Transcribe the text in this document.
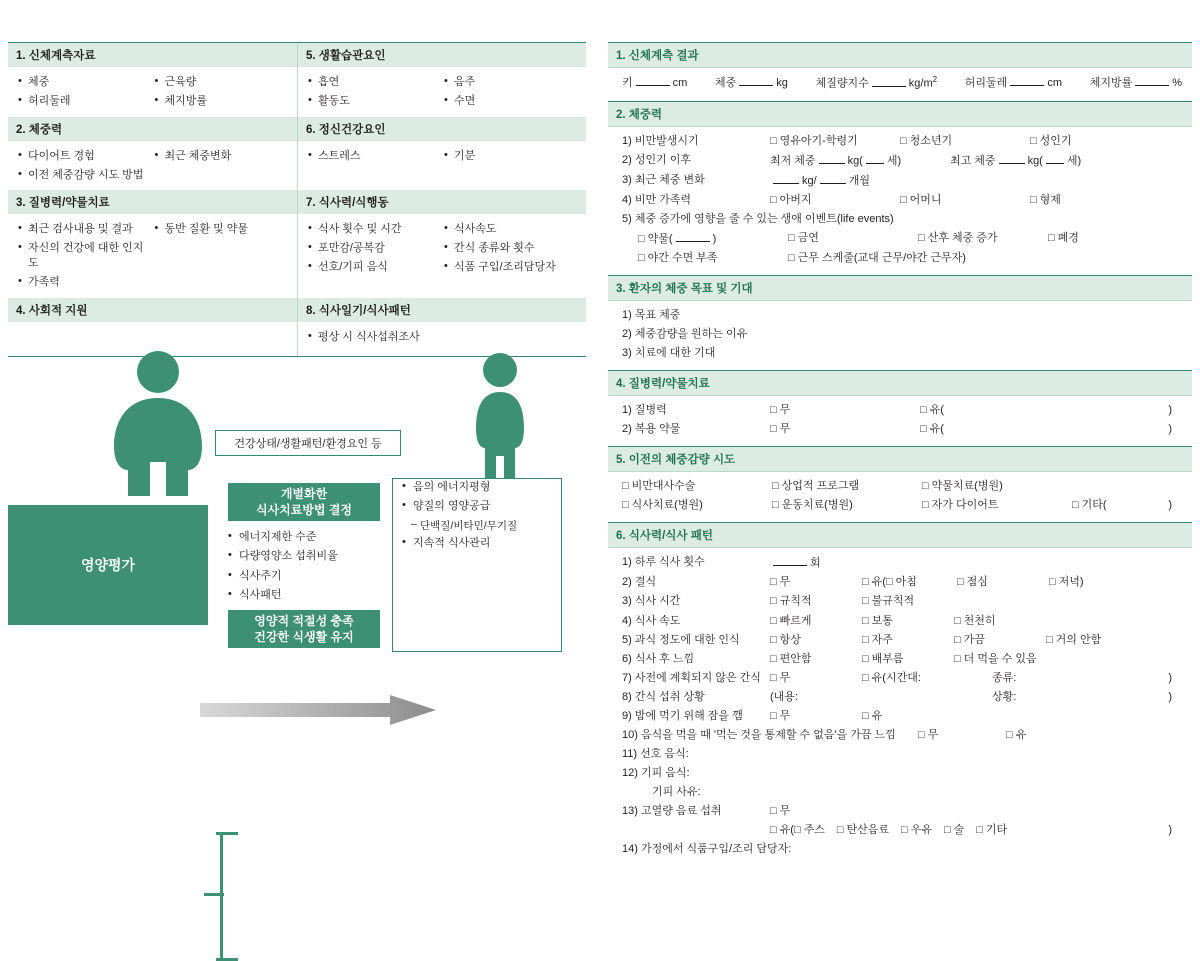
1. 신체계측자료
• 체중
• 허리둘레
• 근육량
• 체지방률
5. 생활습관요인
• 흡연
• 활동도
• 음주
• 수면
2. 체중력
• 다이어트 경험
• 이전 체중감량 시도 방법
• 최근 체중변화
6. 정신건강요인
• 스트레스	• 기분
3. 질병력/약물치료
• 최근 검사내용 및 결과
• 자신의 건강에 대한 인지도
• 가족력
• 동반 질환 및 약물
7. 식사력/식행동
• 식사 횟수 및 시간
• 포만감/공복감
• 선호/기피 음식
• 식사속도
• 간식 종류와 횟수
• 식품 구입/조리담당자
4. 사회적 지원	8. 식사일기/식사패턴
• 평상 시 식사섭취조사
건강상태/생활패턴/환경요인 등
영양평가
개별화한
식사치료방법 결정
영양적 적절성 충족
건강한 식생활 유지
• 에너지제한 수준
• 다량영양소 섭취비율
• 식사주기
• 식사패턴
• 음의 에너지평형
• 양질의 영양공급
– 단백질/비타민/무기질
• 지속적 식사관리
1. 신체계측 결과
키	cm	체중	kg	체질량지수	$kg/m^2$	허리둘레	cm	체지방률	%
2. 체중력
1) 비만발생시기	□ 영유아기-학령기	□ 청소년기	□ 성인기
2) 성인기 이후	최저 체중	kg( 세)	최고 체중	kg( 세)
3) 최근 체중 변화	kg/	개월
4) 비만 가족력	□ 아버지	□ 어머니	□ 형제
5) 체중 증가에 영향을 줄 수 있는 생애 이벤트(life events)
□ 약물(	)	□ 금연	□ 산후 체중 증가	□ 폐경
□ 야간 수면 부족	□ 근무 스케줄(교대 근무/야간 근무자)
3. 환자의 체중 목표 및 기대
1) 목표 체중
2) 체중감량을 원하는 이유
3) 치료에 대한 기대
4. 질병력/약물치료
1) 질병력	□ 무	□ 유(	)
2) 복용 약물	□ 무	□ 유(	)
5. 이전의 체중감량 시도
□ 비만대사수술	□ 상업적 프로그램	□ 약물치료(병원)
□ 식사치료(병원)	□ 운동치료(병원)	□ 자가 다이어트	□ 기타(	)
6. 식사력/식사 패턴
1) 하루 식사 횟수	회
2) 결식	□ 무	□ 유( □ 아침	□ 점심	□ 저녁)
3) 식사 시간	□ 규칙적	□ 불규칙적
4) 식사 속도	□ 빠르게	□ 보통	□ 천천히
5) 과식 정도에 대한 인식	□ 항상	□ 자주	□ 가끔	□ 거의 안함
6) 식사 후 느낌	□ 편안함	□ 배부름	□ 더 먹을 수 있음
7) 사전에 계획되지 않은 간식	□ 무	□ 유(시간대:	종류:	)
8) 간식 섭취 상황	(내용:	상황:	)
9) 밤에 먹기 위해 잠을 깸	□ 무	□ 유
10) 음식을 먹을 때 '먹는 것을 통제할 수 없음'을 가끔 느낌	□ 무	□ 유
11) 선호 음식:
12) 기피 음식:
기피 사유:
13) 고열량 음료 섭취	□ 무
□ 유( □ 주스	□ 탄산음료	□ 우유	□ 술	□ 기타	)
14) 가정에서 식품구입/조리 담당자:
